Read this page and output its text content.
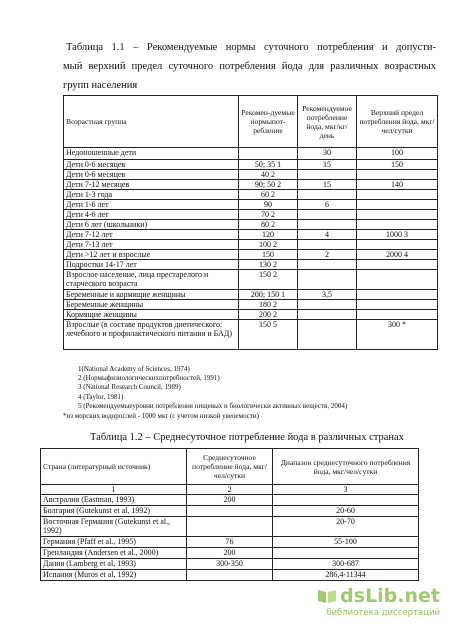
Таблица 1.1 – Рекомендуемые нормы суточного потребления и допусти-
мый верхний предел суточного потребления йода для различных возрастных
групп населения
Возрастная группа	Рекомен-дуемые нормыпот-ребление	Рекомендуемое потребление йода, мкг/кг/день	Верхний предел потребления йода, мкг/чел/сутки
Недоношенные дети		30	100
Дети 0-6 месяцев	50; 35 1	15	150
Дети 0-6 месяцев	40 2		
Дети 7-12 месяцев	90; 50 2	15	140
Дети 1-3 года	60 2		
Дети 1-6 лет	90	6	
Дети 4-6 лет	70 2		
Дети 6 лет (школьники)	80 2		
Дети 7-12 лет	120	4	1000 3
Дети 7-13 лет	100 2		
Дети >12 лет и взрослые	150	2	2000 4
Подростки 14-17 лет	130 2		
Взрослое население, лица престарелого и старческого возраста	150 2		
Беременные и кормящие женщины	200; 150 1	3,5	
Беременные женщины	180 2		
Кормящие женщины	200 2		
Взрослые (в составе продуктов диетического: лечебного и профилактического питания и БАД)	150 5		300 *
1(National Academy of Sciences, 1974)
2 (Нормыфизиологическихпотребностей, 1991)
3 (National Research Council, 1989)
4 (Taylor, 1981)
5 (Рекомендуемыеуровни потребления пищевых и биологически активных веществ, 2004)
*из морских водорослей - 1000 мкг (с учетом низкой увеоемости)
Таблица 1.2 – Среднесуточное потребление йода в различных странах
Страна (литературный источник)	Среднесуточное потребление йода, мкг/чел/сутки	Диапазон среднесуточного потребления йода, мкг/чел/сутки
1	2	3
Австралия (Eastman, 1993)	200	
Болгария (Gutekunst et al, 1992)		20-60
Восточная Германия (Gutekunst et al., 1992)		20-70
Германия (Pfaff et al., 1995)	76	55-100
Гренландия (Andersen et al., 2000)	200	
Дания (Lamberg et al, 1993)	300-350	300-687
Испания (Muros et al, 1992)		286,4-11344
dsLib.net
библиотека диссертаций
